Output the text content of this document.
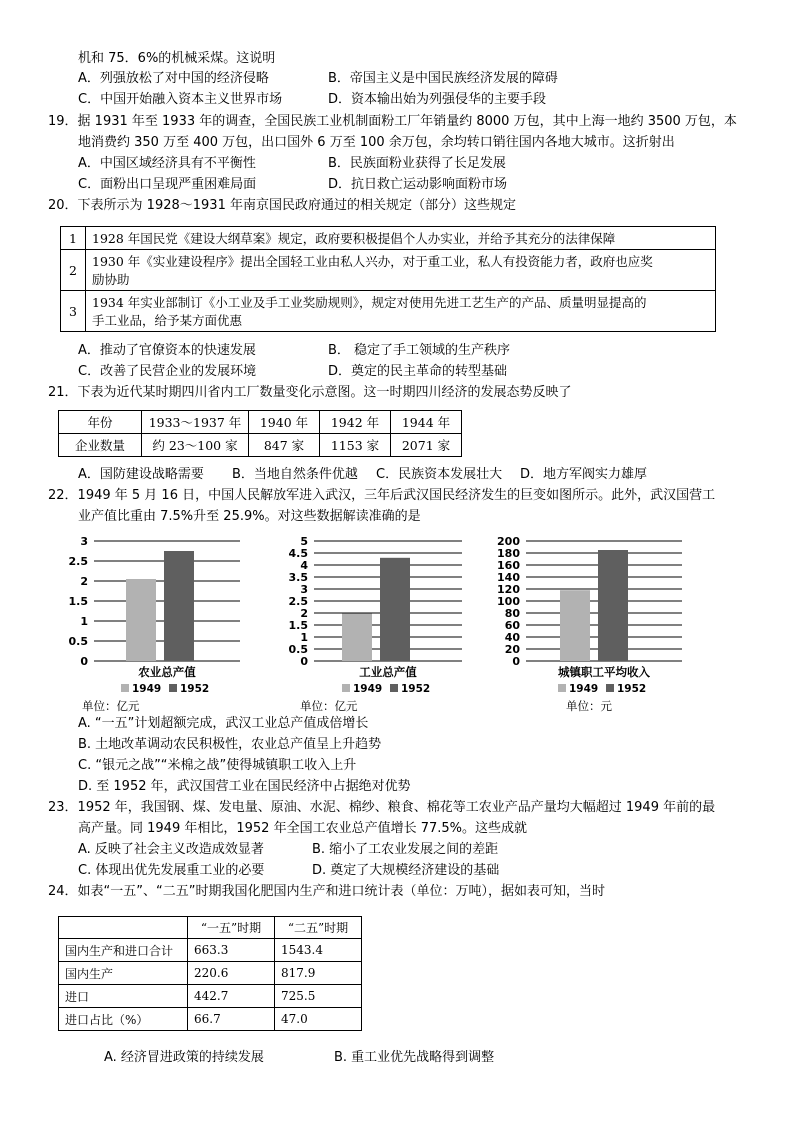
机和 75．6%的机械采煤。这说明
A．列强放松了对中国的经济侵略	B．帝国主义是中国民族经济发展的障碍
C．中国开始融入资本主义世界市场	D．资本输出始为列强侵华的主要手段
19．据 1931 年至 1933 年的调查，全国民族工业机制面粉工厂年销量约 8000 万包，其中上海一地约 3500 万包，本
地消费约 350 万至 400 万包，出口国外 6 万至 100 余万包，余均转口销往国内各地大城市。这折射出
A．中国区域经济具有不平衡性	B．民族面粉业获得了长足发展
C．面粉出口呈现严重困难局面	D．抗日救亡运动影响面粉市场
20．下表所示为 1928～1931 年南京国民政府通过的相关规定（部分）这些规定
1	1928 年国民党《建设大纲草案》规定，政府要积极提倡个人办实业，并给予其充分的法律保障
2	1930 年《实业建设程序》提出全国轻工业由私人兴办，对于重工业，私人有投资能力者，政府也应奖
励协助

3	1934 年实业部制订《小工业及手工业奖励规则》，规定对使用先进工艺生产的产品、质量明显提高的
手工业品，给予某方面优惠
A．推动了官僚资本的快速发展	B． 稳定了手工领域的生产秩序
C．改善了民营企业的发展环境	D．奠定的民主革命的转型基础
21．下表为近代某时期四川省内工厂数量变化示意图。这一时期四川经济的发展态势反映了
年份	1933～1937 年	1940 年	1942 年	1944 年
企业数量	约 23～100 家	847 家	1153 家	2071 家
A．国防建设战略需要 B．当地自然条件优越 C．民族资本发展壮大 D．地方军阀实力雄厚
22．1949 年 5 月 16 日，中国人民解放军进入武汉，三年后武汉国民经济发生的巨变如图所示。此外，武汉国营工
业产值比重由 7.5%升至 25.9%。对这些数据解读准确的是
0
0.5
1
1.5
2
2.5
3
农业总产值
1949 1952
单位：亿元
0
0.5
1
1.5
2
2.5
3
3.5
4
4.5
5
工业总产值
1949 1952
单位：亿元
0
20
40
60
80
100
120
140
160
180
200
城镇职工平均收入
1949 1952
单位：元
A. “一五”计划超额完成，武汉工业总产值成倍增长
B. 土地改革调动农民积极性，农业总产值呈上升趋势
C. “银元之战”“米棉之战”使得城镇职工收入上升
D. 至 1952 年，武汉国营工业在国民经济中占据绝对优势
23．1952 年，我国钢、煤、发电量、原油、水泥、棉纱、粮食、棉花等工农业产品产量均大幅超过 1949 年前的最
高产量。同 1949 年相比，1952 年全国工农业总产值增长 77.5%。这些成就
A. 反映了社会主义改造成效显著	B. 缩小了工农业发展之间的差距
C. 体现出优先发展重工业的必要	D. 奠定了大规模经济建设的基础
24．如表“一五”、“二五”时期我国化肥国内生产和进口统计表（单位：万吨），据如表可知，当时
	“一五”时期	“二五”时期
国内生产和进口合计	663.3	1543.4
国内生产	220.6	817.9
进口	442.7	725.5
进口占比（%）	66.7	47.0
A. 经济冒进政策的持续发展	B. 重工业优先战略得到调整
